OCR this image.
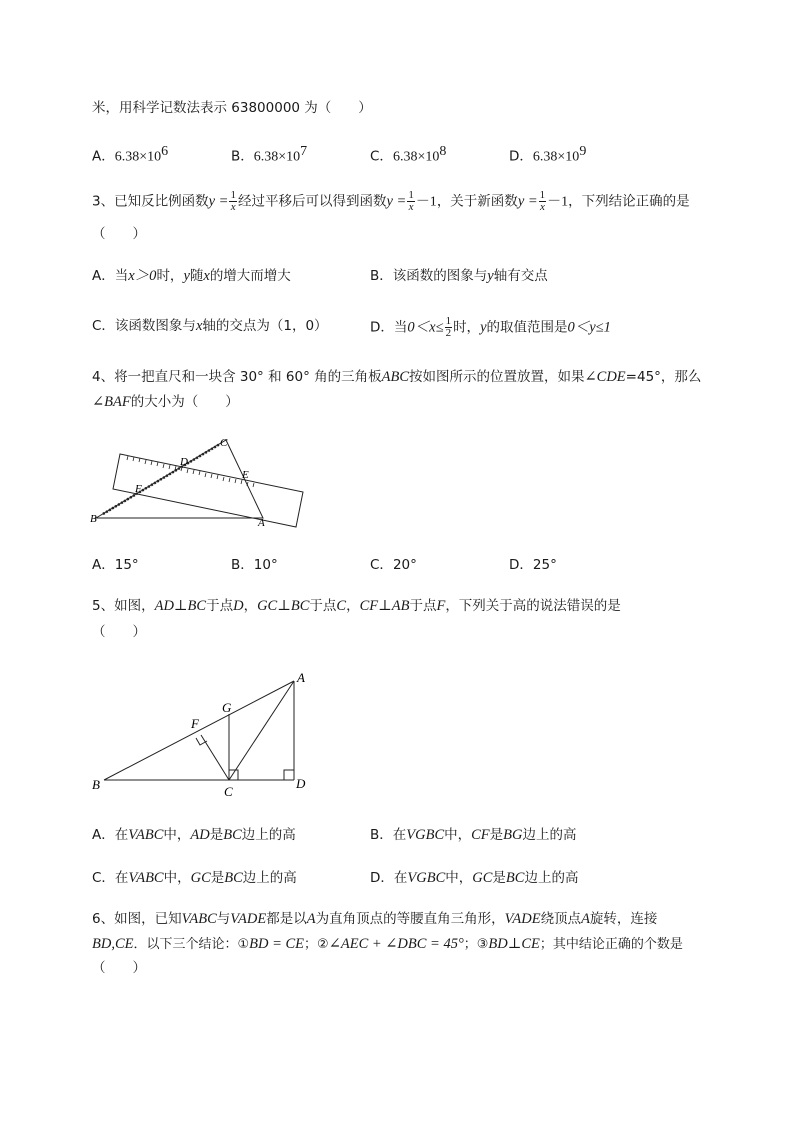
米，用科学记数法表示 63800000 为（　　）
A．$6.38\times 10^6$	B．$6.38\times 10^7$	C．$6.38\times 10^8$	D．$6.38\times 10^9$
3、已知反比例函数$y = \frac{1}{x}$ 经过平移后可以得到函数$y = \frac{1}{x} -1$，关于新函数$y = \frac{1}{x} -1$，下列结论正确的是
（　　）
A．当x＞0时，y随x的增大而增大	B．该函数的图象与y轴有交点
C．该函数图象与x轴的交点为（1，0）	D．当$0<x\le \frac{1}{2}$ 时，y的取值范围是0＜y≤1
4、将一把直尺和一块含 30° 和 60° 角的三角板ABC按如图所示的位置放置，如果∠CDE=45°，那么
∠BAF的大小为（　　）
C
D
E
F
B	A
A．15°	B．10°	C．20°	D．25°
5、如图，AD⊥BC于点D，GC⊥BC于点C，CF⊥AB于点F，下列关于高的说法错误的是
（　　）
A
G
F
B	C
D
A．在VABC中，AD是BC边上的高	B．在VGBC中，CF是BG边上的高
C．在VABC中，GC是BC边上的高	D．在VGBC中，GC是BC边上的高
6、如图，已知VABC与VADE都是以A为直角顶点的等腰直角三角形，VADE绕顶点A旋转，连接
BD,CE．以下三个结论：①BD = CE；②∠AEC + ∠DBC = 45°；③BD⊥CE；其中结论正确的个数是
（　　）
